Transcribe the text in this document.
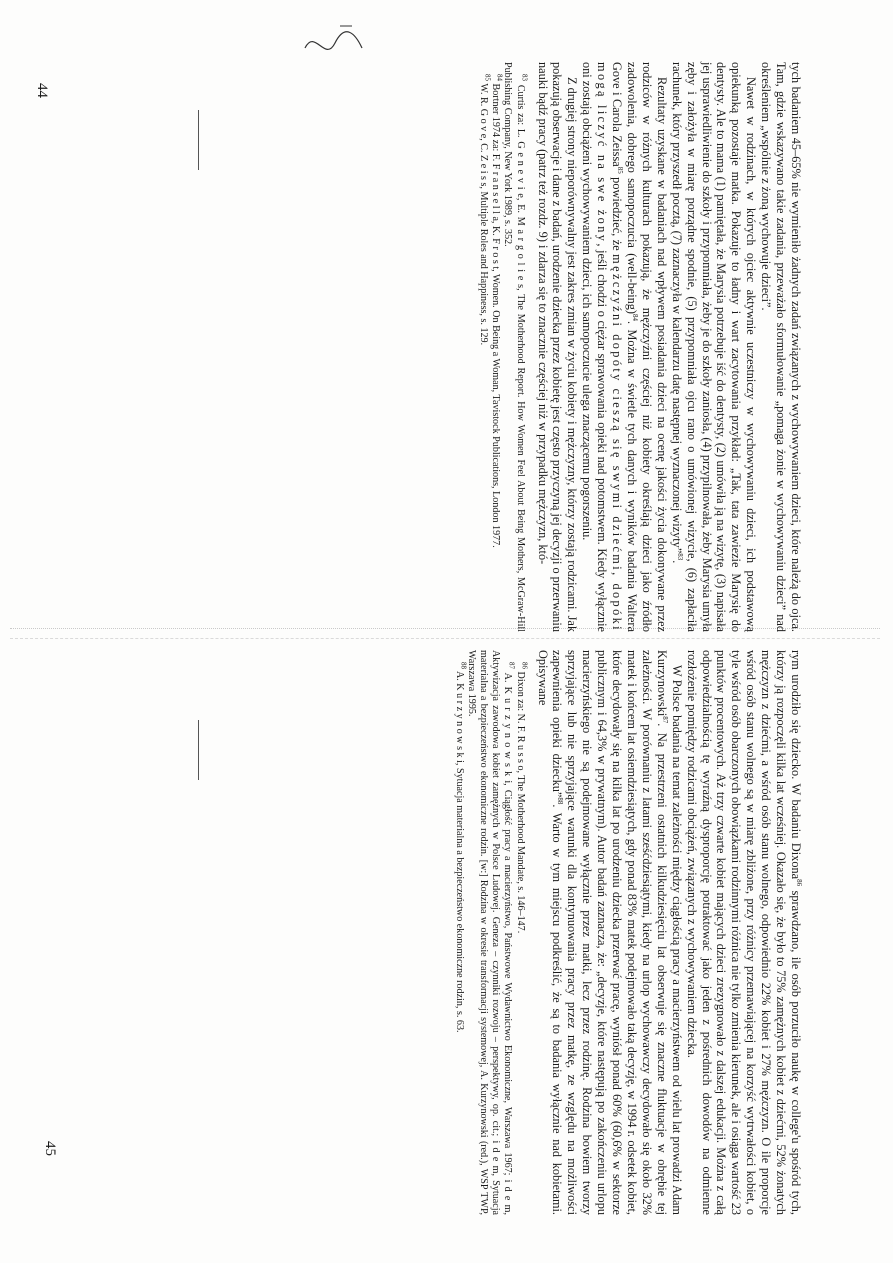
44
45

tych badaniem 45–65% nie wymieniło żadnych zadań związanych z wychowywaniem dzieci, które należą do ojca. Tam, gdzie wskazywano takie zadania, przeważało sformułowanie „pomaga żonie w wychowywaniu dzieci” nad określeniem „wspólnie z żoną wychowuje dzieci”.

Nawet w rodzinach, w których ojciec aktywnie uczestniczy w wychowywaniu dzieci, ich podstawową opiekunką pozostaje matka. Pokazuje to ładny i wart zacytowania przykład: „Tak, tata zawiezie Marysię do dentysty. Ale to mama (1) pamiętała, że Marysia potrzebuje iść do dentysty, (2) umówiła ją na wizytę, (3) napisała jej usprawiedliwienie do szkoły i przypomniała, żeby je do szkoły zaniosła, (4) przypilnowała, żeby Marysia umyła zęby i założyła w miarę porządne spodnie, (5) przypomniała ojcu rano o umówionej wizycie, (6) zapłaciła rachunek, który przyszedł pocztą, (7) zaznaczyła w kalendarzu datę następnej wyznaczonej wizyty”$^{83}$.

Rezultaty uzyskane w badaniach nad wpływem posiadania dzieci na ocenę jakości życia dokonywane przez rodziców w różnych kulturach pokazują, że mężczyźni częściej niż kobiety określają dzieci jako źródło zadowolenia, dobrego samopoczucia (well-being)$^{84}$. Można w świetle tych danych i wyników badania Waltera Gove i Carola Zeissa$^{85}$ powiedzieć, że mężczyźni dopóty cieszą się swymi dziećmi, dopóki mogą liczyć na swe żony, jeśli chodzi o ciężar sprawowania opieki nad potomstwem. Kiedy wyłącznie oni zostają obciążeni wychowywaniem dzieci, ich samopoczucie ulega znaczącemu pogorszeniu.

Z drugiej strony nieporównywalny jest zakres zmian w życiu kobiety i mężczyzny, którzy zostają rodzicami. Jak pokazują obserwacje i dane z badań, urodzenie dziecka przez kobietę jest często przyczyną jej decyzji o przerwaniu nauki bądź pracy (patrz też rozdz. 9) i zdarza się to znacznie częściej niż w przypadku mężczyzn, któ-

$^{83}$ Curtis za: L. G e n e v i e, E. M a r g o l i e s, The Motherhood Report. How Women Feel About Being Mothers, McGraw-Hill Publishing Company, New York 1989, s. 352.

$^{84}$ Bortner 1974 za: F. F r a n s e l l a, K. F r o s t, Women. On Being a Woman, Tavistock Publications, London 1977.

$^{85}$ W. R. G o v e, C. Z e i s s, Multiple Roles and Happiness, s. 129.

rym urodziło się dziecko. W badaniu Dixona$^{86}$ sprawdzano, ile osób porzuciło naukę w college'u spośród tych, którzy ją rozpoczęli kilka lat wcześniej. Okazało się, że było to 75% zamężnych kobiet z dziećmi, 52% żonatych mężczyzn z dziećmi, a wśród osób stanu wolnego, odpowiednio 22% kobiet i 27% mężczyzn. O ile proporcje wśród osób stanu wolnego są w miarę zbliżone, przy różnicy przemawiającej na korzyść wytrwałości kobiet, o tyle wśród osób obarczonych obowiązkami rodzinnymi różnica nie tylko zmienia kierunek, ale i osiąga wartość 23 punktów procentowych. Aż trzy czwarte kobiet mających dzieci zrezygnowało z dalszej edukacji. Można z całą odpowiedzialnością tę wyraźną dysproporcję potraktować jako jeden z pośrednich dowodów na odmienne rozłożenie pomiędzy rodzicami obciążeń, związanych z wychowywaniem dziecka.

W Polsce badania na temat zależności między ciągłością pracy a macierzyństwem od wielu lat prowadzi Adam Kurzynowski$^{87}$. Na przestrzeni ostatnich kilkudziesięciu lat obserwuje się znaczne fluktuacje w obrębie tej zależności. W porównaniu z latami sześćdziesiątymi, kiedy na urlop wychowawczy decydowało się około 32% matek i końcem lat osiemdziesiątych, gdy ponad 83% matek podejmowało taką decyzję, w 1994 r. odsetek kobiet, które decydowały się na kilka lat po urodzeniu dziecka przerwać pracę, wyniósł ponad 60% (60,6% w sektorze publicznym i 64,3% w prywatnym). Autor badań zaznacza, że: „decyzje, które następują po zakończeniu urlopu macierzyńskiego nie są podejmowane wyłącznie przez matki, lecz przez rodzinę. Rodzina bowiem tworzy sprzyjające lub nie sprzyjające warunki dla kontynuowania pracy przez matkę, ze względu na możliwości zapewnienia opieki dziecku”$^{88}$. Warto w tym miejscu podkreślić, że są to badania wyłącznie nad kobietami. Opisywane

$^{86}$ Dixon za: N. F. R u s s o, The Motherhood Mandate, s. 146–147.

$^{87}$ A. K u r z y n o w s k i, Ciągłość pracy a macierzyństwo, Państwowe Wydawnictwo Ekonomiczne, Warszawa 1967; i d e m, Aktywizacja zawodowa kobiet zamężnych w Polsce Ludowej. Geneza – czynniki rozwoju – perspektywy, op. cit.; i d e m, Sytuacja materialna a bezpieczeństwo ekonomiczne rodzin. [w:] Rodzina w okresie transformacji systemowej, A. Kurzynowski (red.), WSP TWP, Warszawa 1995.

$^{88}$ A. K u r z y n o w s k i, Sytuacja materialna a bezpieczeństwo ekonomiczne rodzin, s. 63.
